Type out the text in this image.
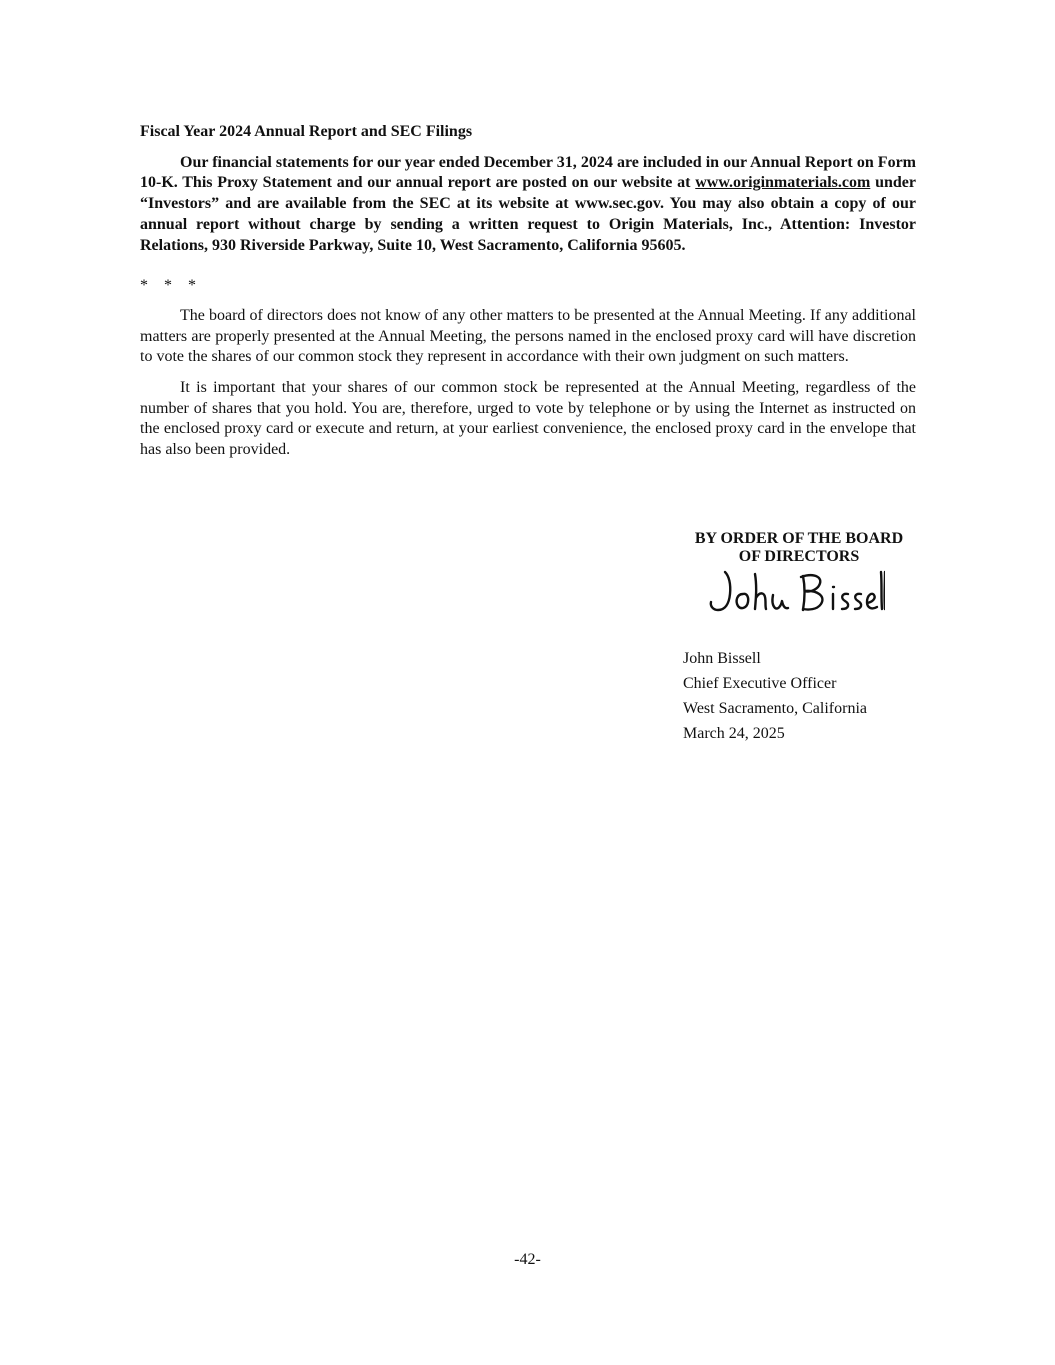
Fiscal Year 2024 Annual Report and SEC Filings

Our financial statements for our year ended December 31, 2024 are included in our Annual Report on Form 10-K. This Proxy Statement and our annual report are posted on our website at www.originmaterials.com under “Investors” and are available from the SEC at its website at www.sec.gov. You may also obtain a copy of our annual report without charge by sending a written request to Origin Materials, Inc., Attention: Investor Relations, 930 Riverside Parkway, Suite 10, West Sacramento, California 95605.

* * *

The board of directors does not know of any other matters to be presented at the Annual Meeting. If any additional matters are properly presented at the Annual Meeting, the persons named in the enclosed proxy card will have discretion to vote the shares of our common stock they represent in accordance with their own judgment on such matters.

It is important that your shares of our common stock be represented at the Annual Meeting, regardless of the number of shares that you hold. You are, therefore, urged to vote by telephone or by using the Internet as instructed on the enclosed proxy card or execute and return, at your earliest convenience, the enclosed proxy card in the envelope that has also been provided.

BY ORDER OF THE BOARD
OF DIRECTORS
John Bissell
Chief Executive Officer
West Sacramento, California
March 24, 2025
-42-
